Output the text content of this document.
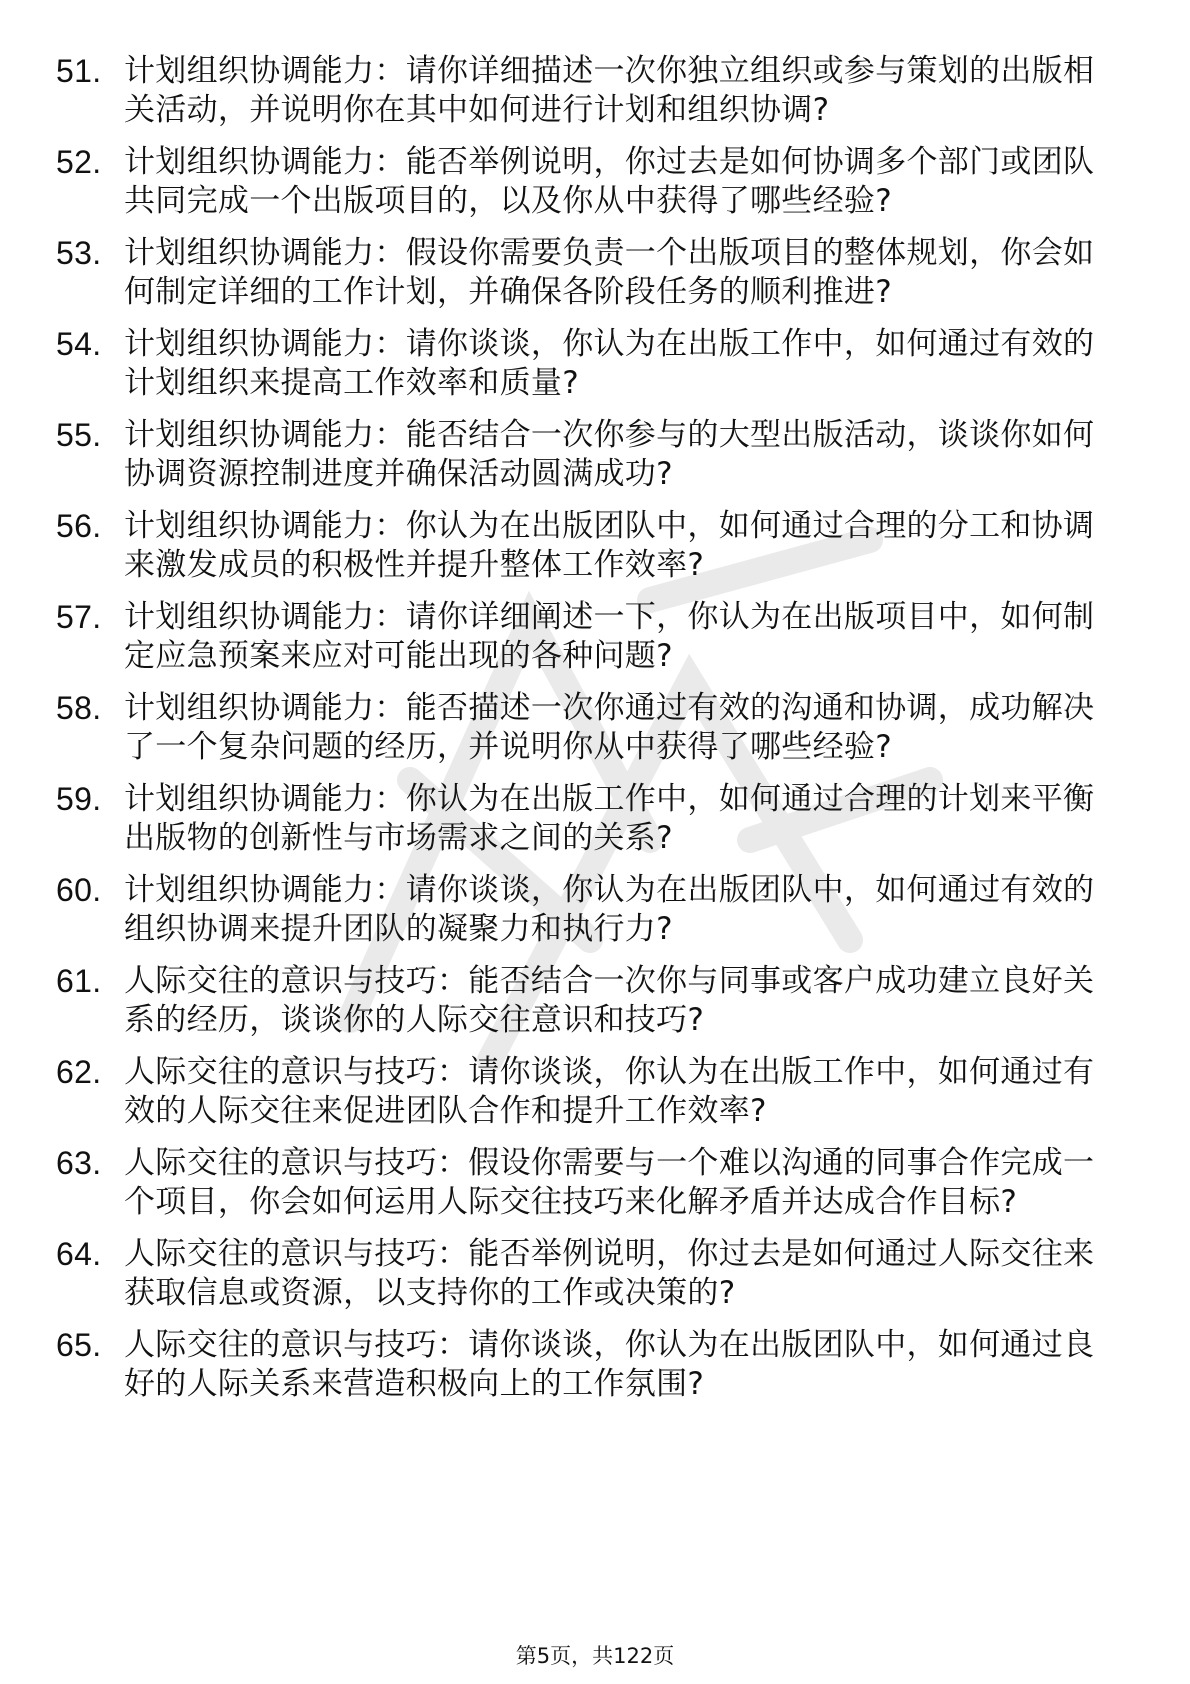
51. 计划组织协调能力：请你详细描述一次你独立组织或参与策划的出版相关活动，并说明你在其中如何进行计划和组织协调?
52. 计划组织协调能力：能否举例说明，你过去是如何协调多个部门或团队共同完成一个出版项目的，以及你从中获得了哪些经验?
53. 计划组织协调能力：假设你需要负责一个出版项目的整体规划，你会如何制定详细的工作计划，并确保各阶段任务的顺利推进?
54. 计划组织协调能力：请你谈谈，你认为在出版工作中，如何通过有效的计划组织来提高工作效率和质量?
55. 计划组织协调能力：能否结合一次你参与的大型出版活动，谈谈你如何协调资源控制进度并确保活动圆满成功?
56. 计划组织协调能力：你认为在出版团队中，如何通过合理的分工和协调来激发成员的积极性并提升整体工作效率?
57. 计划组织协调能力：请你详细阐述一下，你认为在出版项目中，如何制定应急预案来应对可能出现的各种问题?
58. 计划组织协调能力：能否描述一次你通过有效的沟通和协调，成功解决了一个复杂问题的经历，并说明你从中获得了哪些经验?
59. 计划组织协调能力：你认为在出版工作中，如何通过合理的计划来平衡出版物的创新性与市场需求之间的关系?
60. 计划组织协调能力：请你谈谈，你认为在出版团队中，如何通过有效的组织协调来提升团队的凝聚力和执行力?
61. 人际交往的意识与技巧：能否结合一次你与同事或客户成功建立良好关系的经历，谈谈你的人际交往意识和技巧?
62. 人际交往的意识与技巧：请你谈谈，你认为在出版工作中，如何通过有效的人际交往来促进团队合作和提升工作效率?
63. 人际交往的意识与技巧：假设你需要与一个难以沟通的同事合作完成一个项目，你会如何运用人际交往技巧来化解矛盾并达成合作目标?
64. 人际交往的意识与技巧：能否举例说明，你过去是如何通过人际交往来获取信息或资源，以支持你的工作或决策的?
65. 人际交往的意识与技巧：请你谈谈，你认为在出版团队中，如何通过良好的人际关系来营造积极向上的工作氛围?
第5页，共122页
